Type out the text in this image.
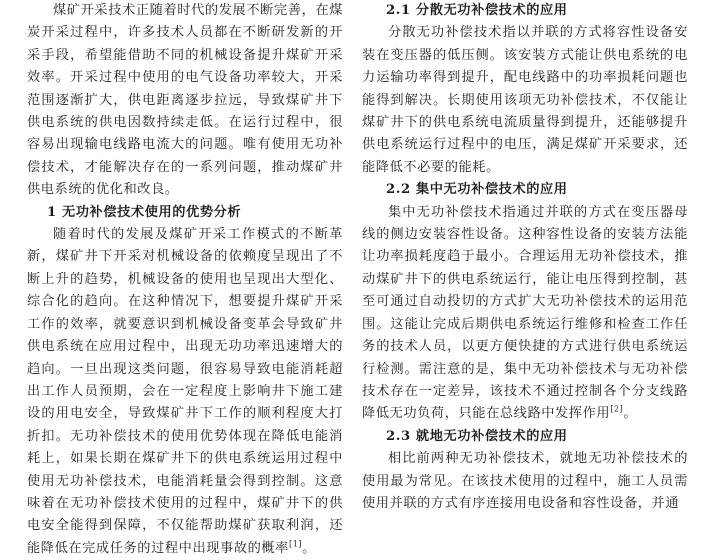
煤矿开采技术正随着时代的发展不断完善，在煤炭开采过程中，许多技术人员都在不断研发新的开采手段，希望能借助不同的机械设备提升煤矿开采效率。开采过程中使用的电气设备功率较大，开采范围逐渐扩大，供电距离逐步拉远，导致煤矿井下供电系统的供电因数持续走低。在运行过程中，很容易出现输电线路电流大的问题。唯有使用无功补偿技术，才能解决存在的一系列问题，推动煤矿井供电系统的优化和改良。

1 无功补偿技术使用的优势分析

随着时代的发展及煤矿开采工作模式的不断革新，煤矿井下开采对机械设备的依赖度呈现出了不断上升的趋势，机械设备的使用也呈现出大型化、综合化的趋向。在这种情况下，想要提升煤矿开采工作的效率，就要意识到机械设备变革会导致矿井供电系统在应用过程中，出现无功功率迅速增大的趋向。一旦出现这类问题，很容易导致电能消耗超出工作人员预期，会在一定程度上影响井下施工建设的用电安全，导致煤矿井下工作的顺利程度大打折扣。无功补偿技术的使用优势体现在降低电能消耗上，如果长期在煤矿井下的供电系统运用过程中使用无功补偿技术，电能消耗量会得到控制。这意味着在无功补偿技术使用的过程中，煤矿井下的供电安全能得到保障，不仅能帮助煤矿获取利润，还能降低在完成任务的过程中出现事故的概率[1]。

2.1 分散无功补偿技术的应用

分散无功补偿技术指以并联的方式将容性设备安装在变压器的低压侧。该安装方式能让供电系统的电力运输功率得到提升，配电线路中的功率损耗问题也能得到解决。长期使用该项无功补偿技术，不仅能让煤矿井下的供电系统电流质量得到提升，还能够提升供电系统运行过程中的电压，满足煤矿开采要求，还能降低不必要的能耗。

2.2 集中无功补偿技术的应用

集中无功补偿技术指通过并联的方式在变压器母线的侧边安装容性设备。这种容性设备的安装方法能让功率损耗度趋于最小。合理运用无功补偿技术，推动煤矿井下的供电系统运行，能让电压得到控制，甚至可通过自动投切的方式扩大无功补偿技术的运用范围。这能让完成后期供电系统运行维修和检查工作任务的技术人员，以更方便快捷的方式进行供电系统运行检测。需注意的是，集中无功补偿技术与无功补偿技术存在一定差异，该技术不通过控制各个分支线路降低无功负荷，只能在总线路中发挥作用[2]。

2.3 就地无功补偿技术的应用

相比前两种无功补偿技术，就地无功补偿技术的使用最为常见。在该技术使用的过程中，施工人员需使用并联的方式有序连接用电设备和容性设备，并通
